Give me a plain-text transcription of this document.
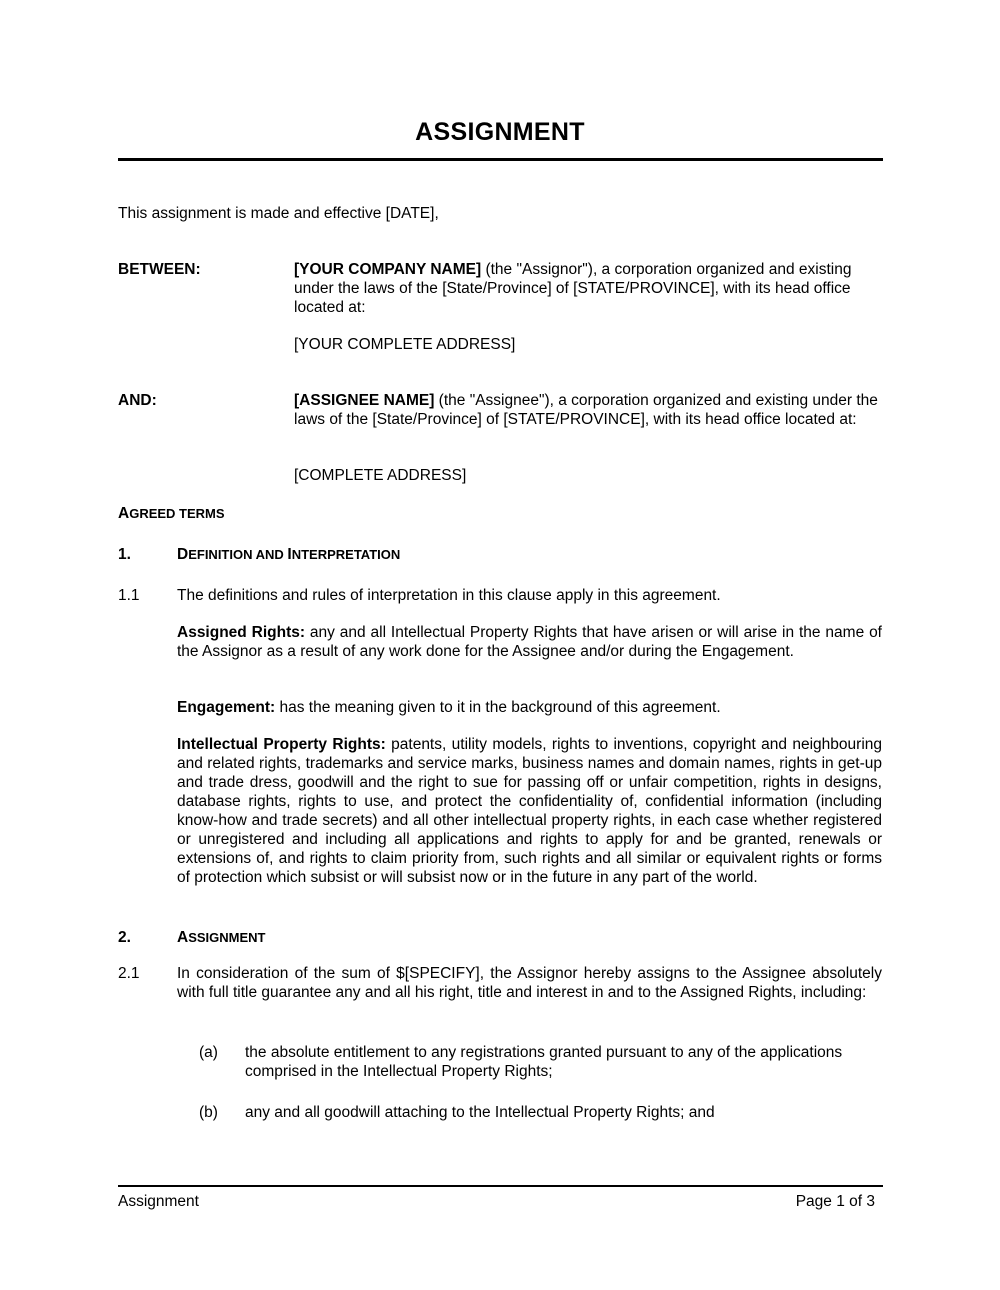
ASSIGNMENT
This assignment is made and effective [DATE],
BETWEEN:	[YOUR COMPANY NAME] (the "Assignor"), a corporation organized and existing under the laws of the [State/Province] of [STATE/PROVINCE], with its head office located at:
[YOUR COMPLETE ADDRESS]
AND:	[ASSIGNEE NAME] (the "Assignee"), a corporation organized and existing under the laws of the [State/Province] of [STATE/PROVINCE], with its head office located at:
[COMPLETE ADDRESS]
AGREED TERMS
1.	DEFINITION AND INTERPRETATION
1.1 The definitions and rules of interpretation in this clause apply in this agreement.
Assigned Rights: any and all Intellectual Property Rights that have arisen or will arise in the name of the Assignor as a result of any work done for the Assignee and/or during the Engagement.
Engagement: has the meaning given to it in the background of this agreement.
Intellectual Property Rights: patents, utility models, rights to inventions, copyright and neighbouring and related rights, trademarks and service marks, business names and domain names, rights in get-up and trade dress, goodwill and the right to sue for passing off or unfair competition, rights in designs, database rights, rights to use, and protect the confidentiality of, confidential information (including know-how and trade secrets) and all other intellectual property rights, in each case whether registered or unregistered and including all applications and rights to apply for and be granted, renewals or extensions of, and rights to claim priority from, such rights and all similar or equivalent rights or forms of protection which subsist or will subsist now or in the future in any part of the world.
2.	ASSIGNMENT
2.1 In consideration of the sum of $[SPECIFY], the Assignor hereby assigns to the Assignee absolutely with full title guarantee any and all his right, title and interest in and to the Assigned Rights, including:
(a) the absolute entitlement to any registrations granted pursuant to any of the applications comprised in the Intellectual Property Rights;
(b) any and all goodwill attaching to the Intellectual Property Rights; and
Assignment	Page 1 of 3
